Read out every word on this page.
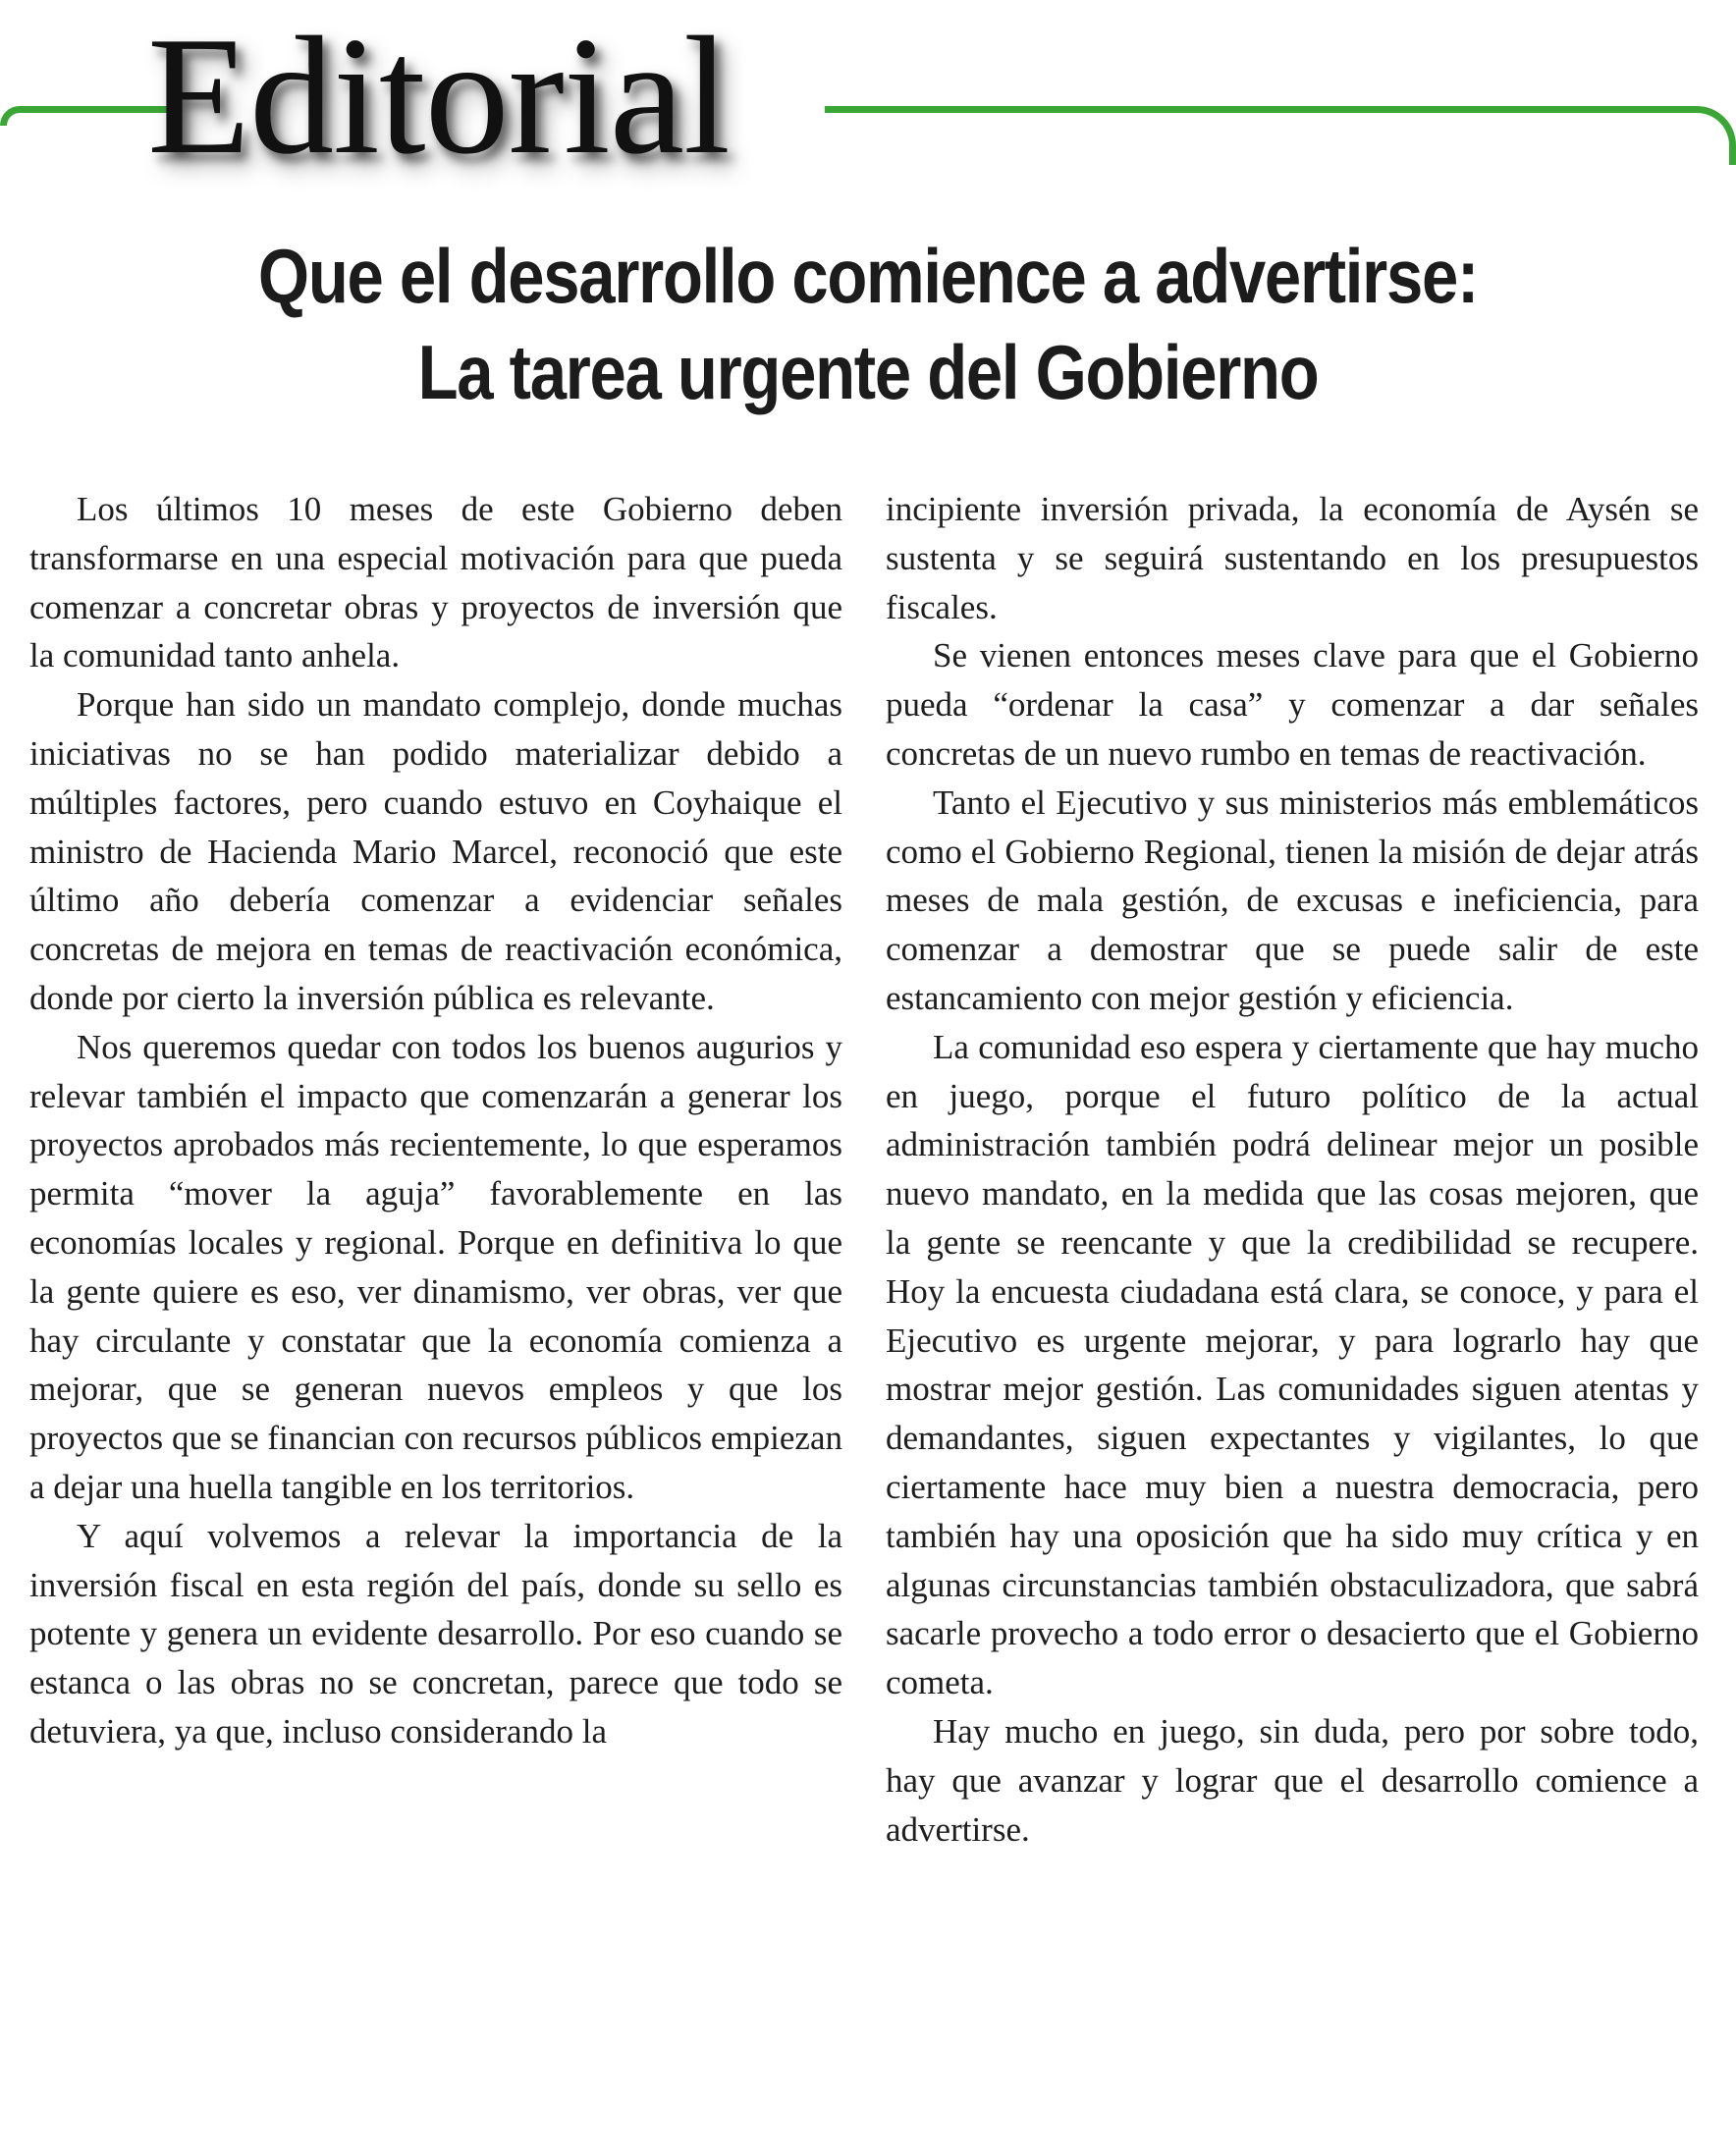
Editorial
Que el desarrollo comience a advertirse:
La tarea urgente del Gobierno

Los últimos 10 meses de este Gobierno deben transformarse en una especial motivación para que pueda comenzar a concretar obras y proyectos de inversión que la comunidad tanto anhela.

Porque han sido un mandato complejo, donde muchas iniciativas no se han podido materializar debido a múltiples factores, pero cuando estuvo en Coyhaique el ministro de Hacienda Mario Marcel, reconoció que este último año debería comenzar a evidenciar señales concretas de mejora en temas de reactivación económica, donde por cierto la inversión pública es relevante.

Nos queremos quedar con todos los buenos augurios y relevar también el impacto que comenzarán a generar los proyectos aprobados más recientemente, lo que esperamos permita “mover la aguja” favorablemente en las economías locales y regional. Porque en definitiva lo que la gente quiere es eso, ver dinamismo, ver obras, ver que hay circulante y constatar que la economía comienza a mejorar, que se generan nuevos empleos y que los proyectos que se financian con recursos públicos empiezan a dejar una huella tangible en los territorios.

Y aquí volvemos a relevar la importancia de la inversión fiscal en esta región del país, donde su sello es potente y genera un evidente desarrollo. Por eso cuando se estanca o las obras no se concretan, parece que todo se detuviera, ya que, incluso considerando la

incipiente inversión privada, la economía de Aysén se sustenta y se seguirá sustentando en los presupuestos fiscales.

Se vienen entonces meses clave para que el Gobierno pueda “ordenar la casa” y comenzar a dar señales concretas de un nuevo rumbo en temas de reactivación.

Tanto el Ejecutivo y sus ministerios más emblemáticos como el Gobierno Regional, tienen la misión de dejar atrás meses de mala gestión, de excusas e ineficiencia, para comenzar a demostrar que se puede salir de este estancamiento con mejor gestión y eficiencia.

La comunidad eso espera y ciertamente que hay mucho en juego, porque el futuro político de la actual administración también podrá delinear mejor un posible nuevo mandato, en la medida que las cosas mejoren, que la gente se reencante y que la credibilidad se recupere. Hoy la encuesta ciudadana está clara, se conoce, y para el Ejecutivo es urgente mejorar, y para lograrlo hay que mostrar mejor gestión. Las comunidades siguen atentas y demandantes, siguen expectantes y vigilantes, lo que ciertamente hace muy bien a nuestra democracia, pero también hay una oposición que ha sido muy crítica y en algunas circunstancias también obstaculizadora, que sabrá sacarle provecho a todo error o desacierto que el Gobierno cometa.

Hay mucho en juego, sin duda, pero por sobre todo, hay que avanzar y lograr que el desarrollo comience a advertirse.
